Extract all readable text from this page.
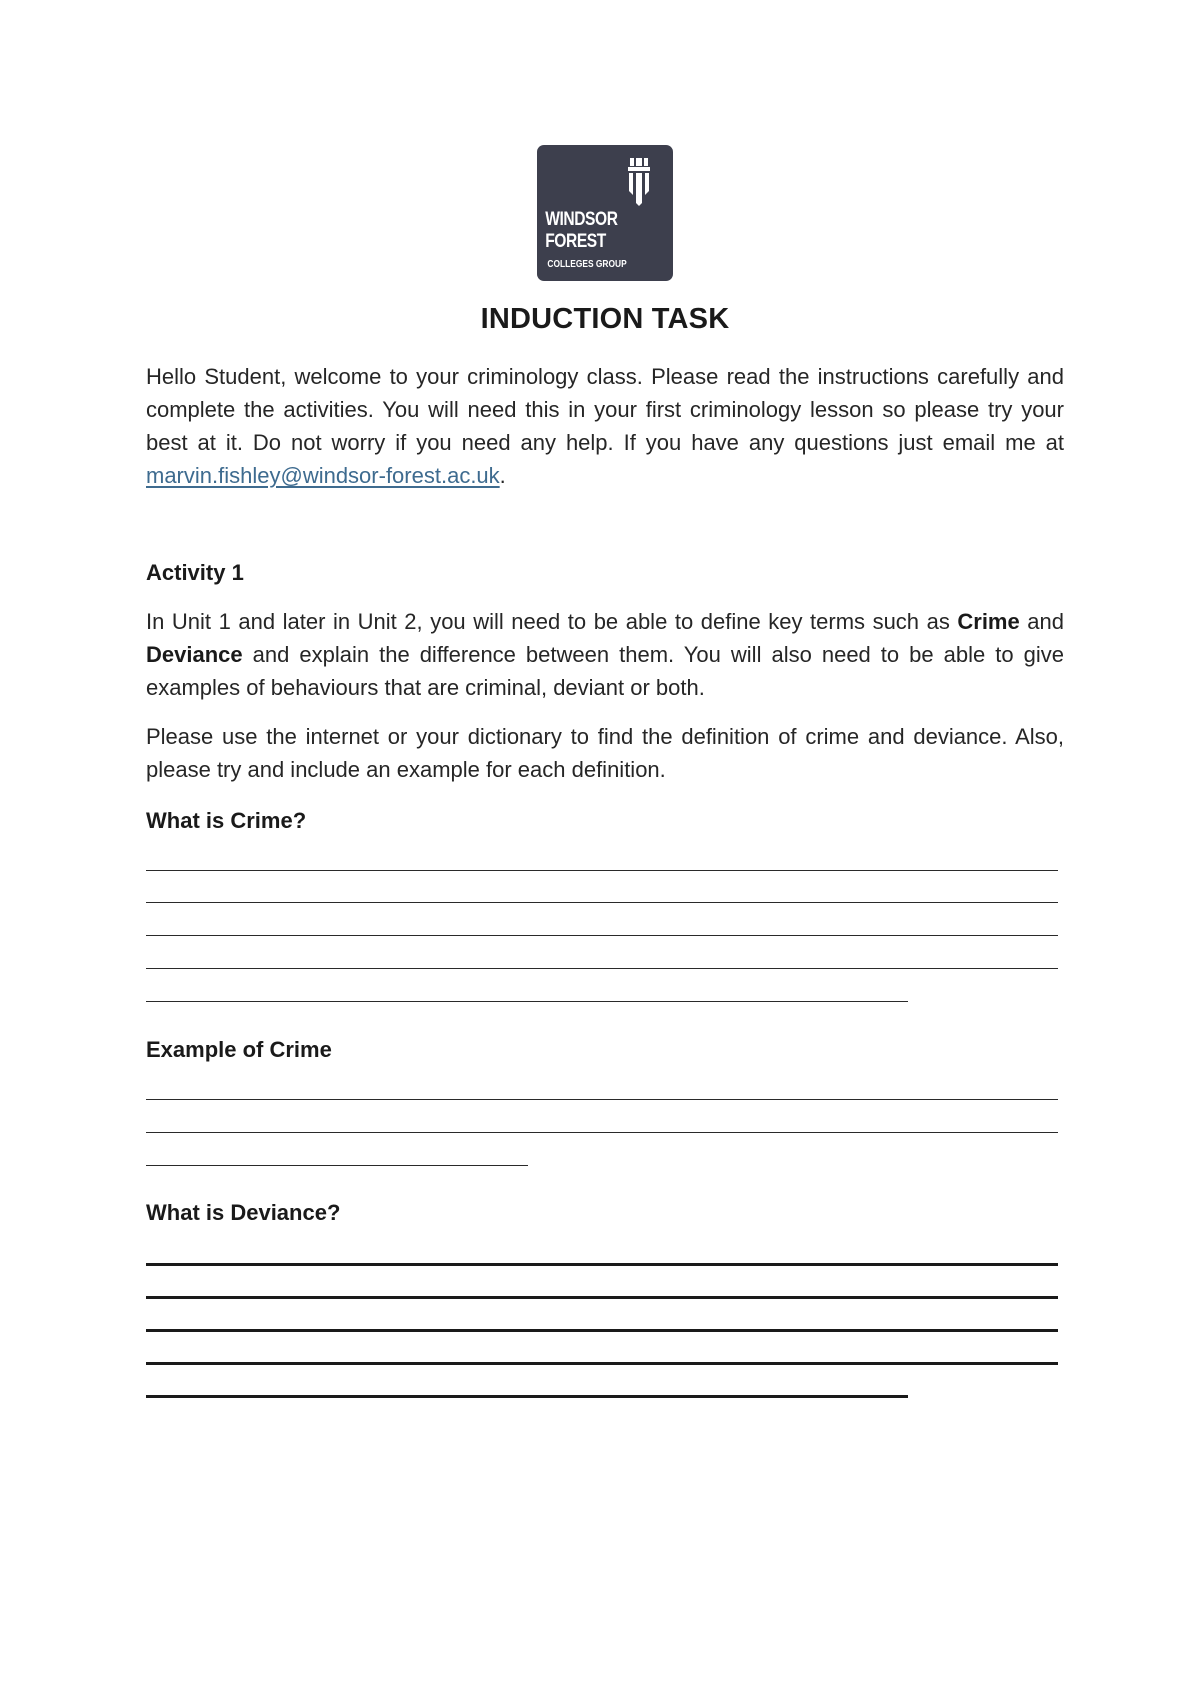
WINDSOR
FOREST
COLLEGES GROUP
INDUCTION TASK
Hello Student, welcome to your criminology class. Please read the instructions carefully and complete the activities. You will need this in your first criminology lesson so please try your best at it. Do not worry if you need any help. If you have any questions just email me at marvin.fishley@windsor-forest.ac.uk.
Activity 1
In Unit 1 and later in Unit 2, you will need to be able to define key terms such as Crime and Deviance and explain the difference between them. You will also need to be able to give examples of behaviours that are criminal, deviant or both.
Please use the internet or your dictionary to find the definition of crime and deviance. Also, please try and include an example for each definition.
What is Crime?
Example of Crime
What is Deviance?
